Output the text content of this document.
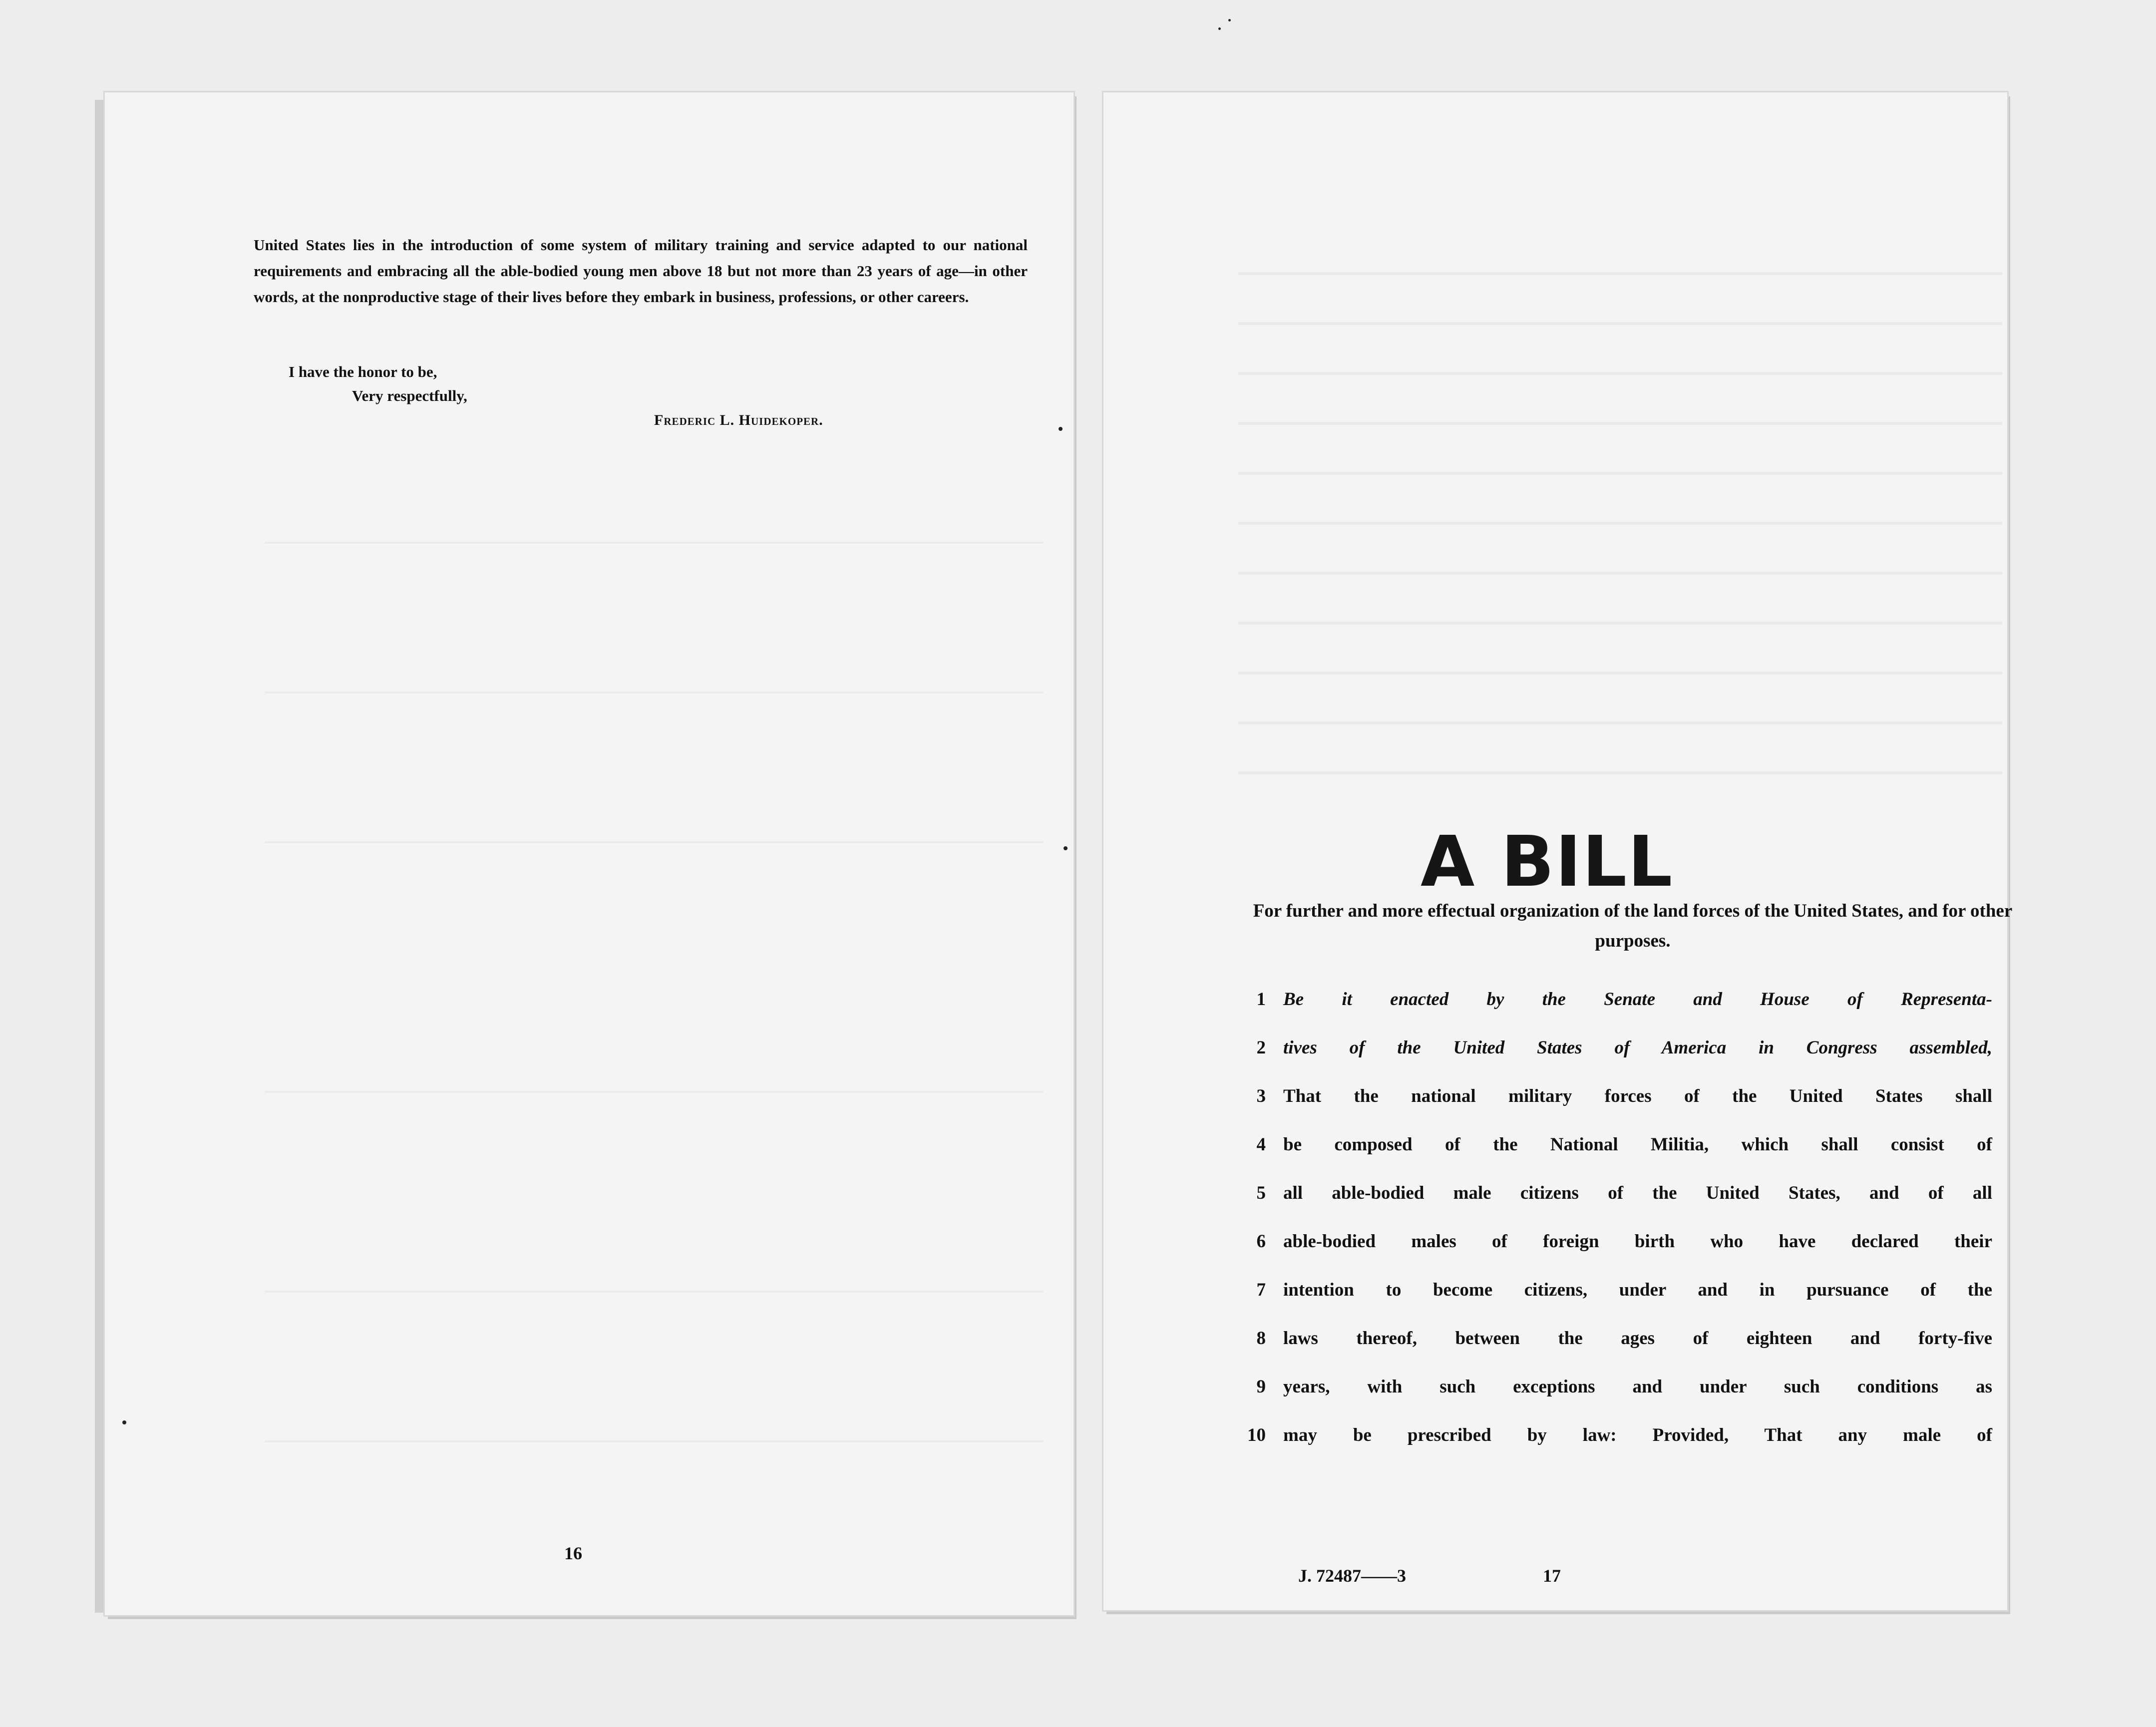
United States lies in the introduction of some system of military training and service adapted to our national requirements and embracing all the able-bodied young men above 18 but not more than 23 years of age—in other words, at the nonproductive stage of their lives before they embark in business, professions, or other careers.

I have the honor to be,
Very respectfully,
Frederic L. Huidekoper.
16
A BILL
For further and more effectual organization of the land forces of the United States, and for other purposes.
1 Be it enacted by the Senate and House of Representa-
2 tives of the United States of America in Congress assembled,
3 That the national military forces of the United States shall
4 be composed of the National Militia, which shall consist of
5 all able-bodied male citizens of the United States, and of all
6 able-bodied males of foreign birth who have declared their
7 intention to become citizens, under and in pursuance of the
8 laws thereof, between the ages of eighteen and forty-five
9 years, with such exceptions and under such conditions as
10 may be prescribed by law: Provided, That any male of
J. 72487——3	17
